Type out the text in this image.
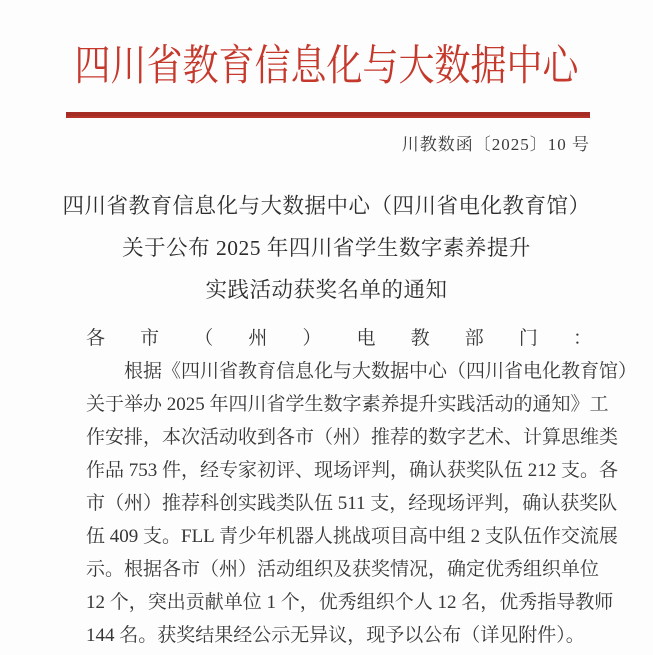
四川省教育信息化与大数据中心
川教数函〔2025〕10 号
四川省教育信息化与大数据中心（四川省电化教育馆）
关于公布 2025 年四川省学生数字素养提升
实践活动获奖名单的通知
各市（州）电教部门：
根据《四川省教育信息化与大数据中心（四川省电化教育馆）
关于举办 2025 年四川省学生数字素养提升实践活动的通知》工
作安排，本次活动收到各市（州）推荐的数字艺术、计算思维类
作品 753 件，经专家初评、现场评判，确认获奖队伍 212 支。各
市（州）推荐科创实践类队伍 511 支，经现场评判，确认获奖队
伍 409 支。FLL 青少年机器人挑战项目高中组 2 支队伍作交流展
示。根据各市（州）活动组织及获奖情况，确定优秀组织单位
12 个，突出贡献单位 1 个，优秀组织个人 12 名，优秀指导教师
144 名。获奖结果经公示无异议，现予以公布（详见附件）。
